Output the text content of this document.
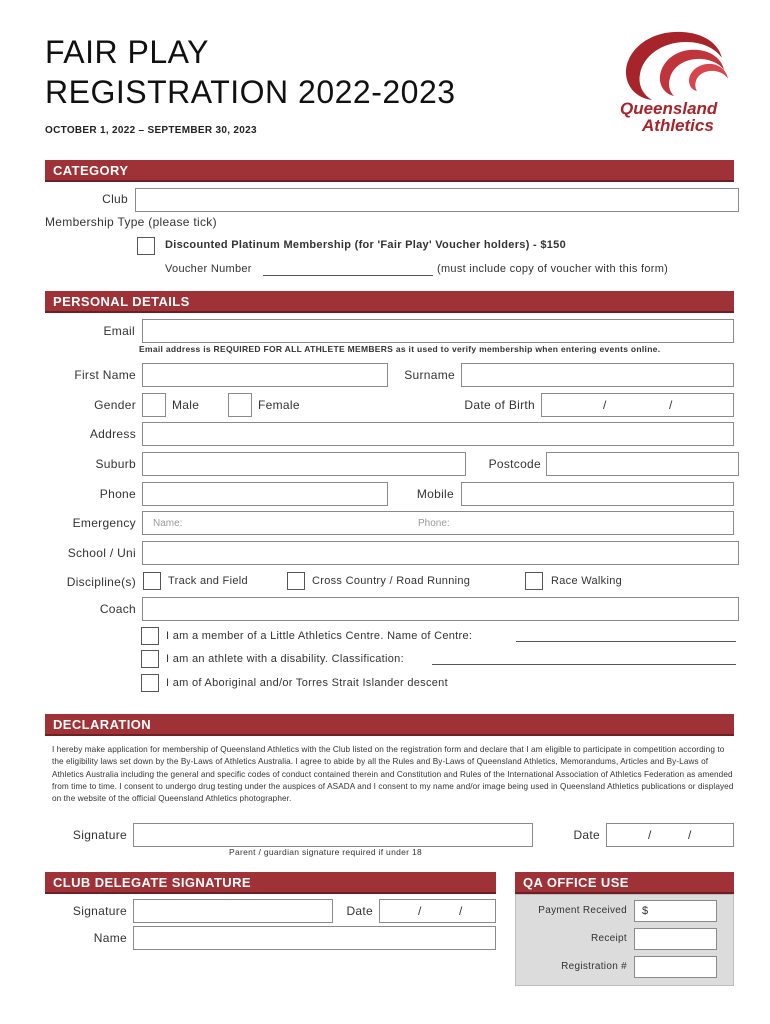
FAIR PLAY
REGISTRATION 2022-2023
OCTOBER 1, 2022 – SEPTEMBER 30, 2023
Queensland
Athletics
CATEGORY
Club
Membership Type (please tick)
Discounted Platinum Membership (for 'Fair Play' Voucher holders) - $150
Voucher Number	(must include copy of voucher with this form)
PERSONAL DETAILS
Email
Email address is REQUIRED FOR ALL ATHLETE MEMBERS as it used to verify membership when entering events online.
First Name	Surname
Gender	Male	Female	Date of Birth	/	/
Address
Suburb	Postcode
Phone	Mobile
Emergency Name:	Phone:
School / Uni
Discipline(s)	Track and Field	Cross Country / Road Running	Race Walking
Coach
I am a member of a Little Athletics Centre. Name of Centre:
I am an athlete with a disability. Classification:
I am of Aboriginal and/or Torres Strait Islander descent
DECLARATION
I hereby make application for membership of Queensland Athletics with the Club listed on the registration form and declare that I am eligible to participate in competition according to the eligibility laws set down by the By-Laws of Athletics Australia. I agree to abide by all the Rules and By-Laws of Queensland Athletics, Memorandums, Articles and By-Laws of Athletics Australia including the general and specific codes of conduct contained therein and Constitution and Rules of the International Association of Athletics Federation as amended from time to time. I consent to undergo drug testing under the auspices of ASADA and I consent to my name and/or image being used in Queensland Athletics publications or displayed on the website of the official Queensland Athletics photographer.
Signature	Date	/	/
Parent / guardian signature required if under 18
CLUB DELEGATE SIGNATURE
Signature	Date	/	/
Name
QA OFFICE USE
Payment Received $
Receipt
Registration #
